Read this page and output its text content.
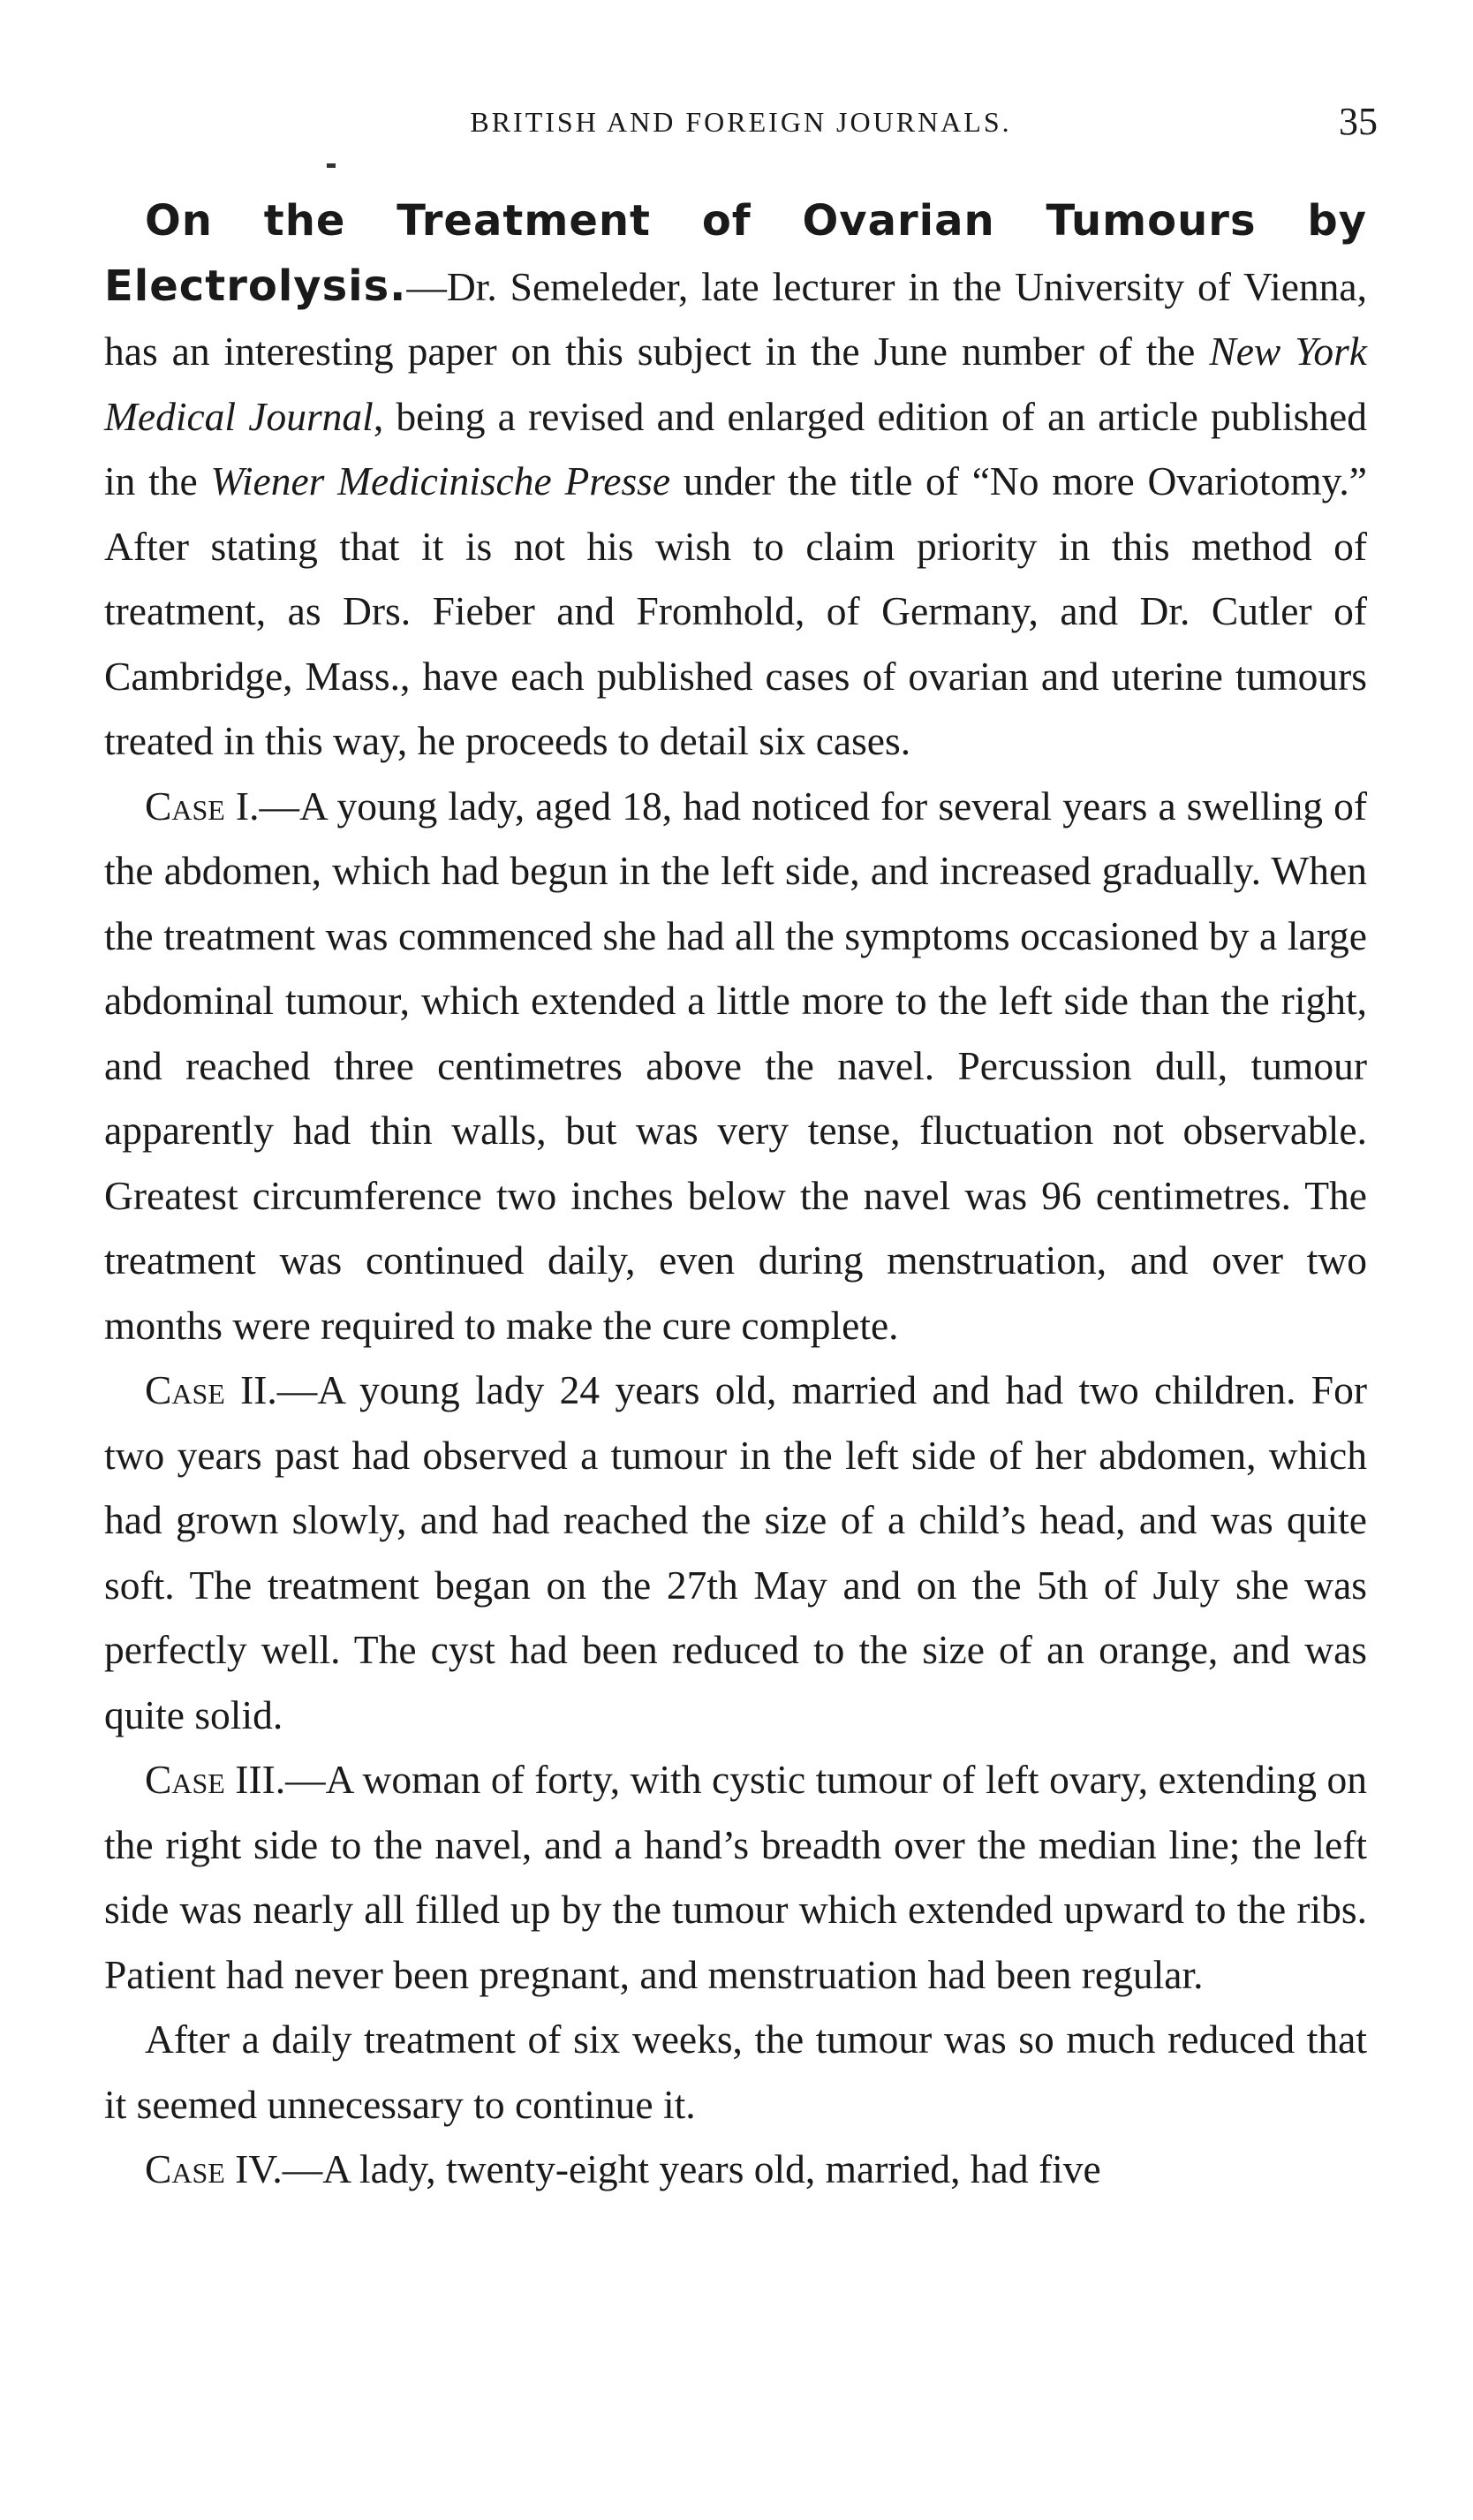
BRITISH AND FOREIGN JOURNALS.	35

On the Treatment of Ovarian Tumours by Electrolysis.—Dr. Semeleder, late lecturer in the University of Vienna, has an interesting paper on this subject in the June number of the New York Medical Journal, being a revised and enlarged edition of an article published in the Wiener Medicinische Presse under the title of “No more Ovariotomy.” After stating that it is not his wish to claim priority in this method of treatment, as Drs. Fieber and Fromhold, of Germany, and Dr. Cutler of Cambridge, Mass., have each published cases of ovarian and uterine tumours treated in this way, he proceeds to detail six cases.

Case I.—A young lady, aged 18, had noticed for several years a swelling of the abdomen, which had begun in the left side, and increased gradually. When the treatment was commenced she had all the symptoms occasioned by a large abdominal tumour, which extended a little more to the left side than the right, and reached three centimetres above the navel. Percussion dull, tumour apparently had thin walls, but was very tense, fluctuation not observable. Greatest circumference two inches below the navel was 96 centimetres. The treatment was continued daily, even during menstruation, and over two months were required to make the cure complete.

Case II.—A young lady 24 years old, married and had two children. For two years past had observed a tumour in the left side of her abdomen, which had grown slowly, and had reached the size of a child’s head, and was quite soft. The treatment began on the 27th May and on the 5th of July she was perfectly well. The cyst had been reduced to the size of an orange, and was quite solid.

Case III.—A woman of forty, with cystic tumour of left ovary, extending on the right side to the navel, and a hand’s breadth over the median line; the left side was nearly all filled up by the tumour which extended upward to the ribs. Patient had never been pregnant, and menstruation had been regular.

After a daily treatment of six weeks, the tumour was so much reduced that it seemed unnecessary to continue it.

Case IV.—A lady, twenty-eight years old, married, had five
